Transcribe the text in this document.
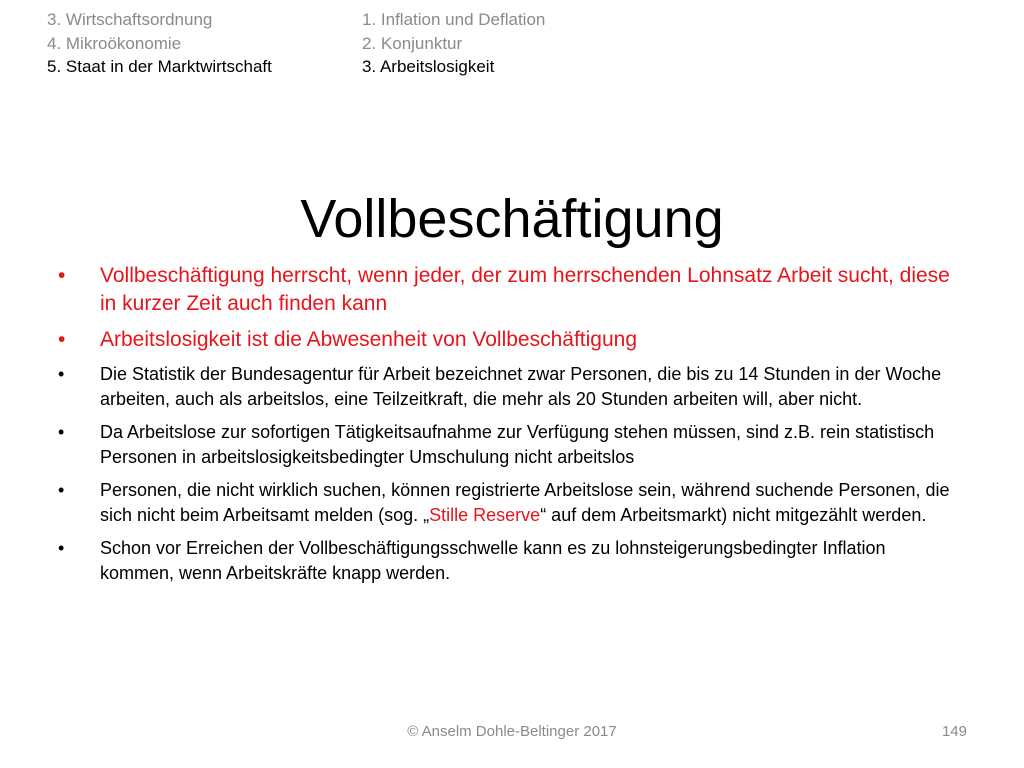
3. Wirtschaftsordnung
4. Mikroökonomie
5. Staat in der Marktwirtschaft
1. Inflation und Deflation
2. Konjunktur
3. Arbeitslosigkeit
Vollbeschäftigung
• Vollbeschäftigung herrscht, wenn jeder, der zum herrschenden Lohnsatz Arbeit sucht, diese in kurzer Zeit auch finden kann
• Arbeitslosigkeit ist die Abwesenheit von Vollbeschäftigung
• Die Statistik der Bundesagentur für Arbeit bezeichnet zwar Personen, die bis zu 14 Stunden in der Woche arbeiten, auch als arbeitslos, eine Teilzeitkraft, die mehr als 20 Stunden arbeiten will, aber nicht.
• Da Arbeitslose zur sofortigen Tätigkeitsaufnahme zur Verfügung stehen müssen, sind z.B. rein statistisch Personen in arbeitslosigkeitsbedingter Umschulung nicht arbeitslos
• Personen, die nicht wirklich suchen, können registrierte Arbeitslose sein, während suchende Personen, die sich nicht beim Arbeitsamt melden (sog. „Stille Reserve“ auf dem Arbeitsmarkt) nicht mitgezählt werden.
• Schon vor Erreichen der Vollbeschäftigungsschwelle kann es zu lohnsteigerungsbedingter Inflation kommen, wenn Arbeitskräfte knapp werden.
© Anselm Dohle-Beltinger 2017	149
